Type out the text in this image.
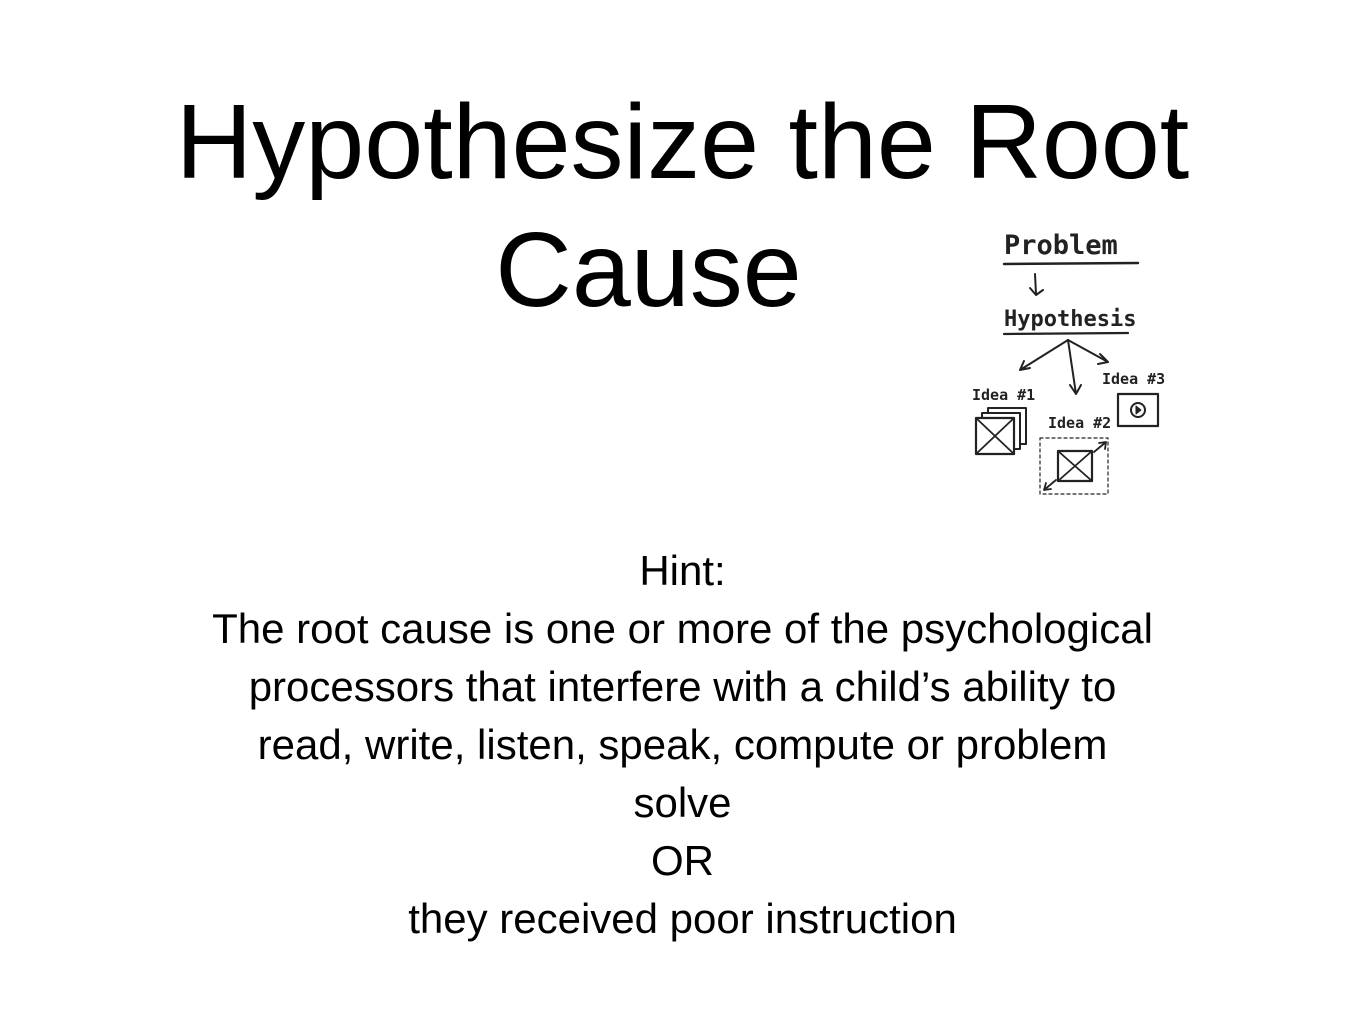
Hypothesize the Root
Cause	Problem
Hypothesis
Idea #1
Idea #2
Idea #3

Hint:

The root cause is one or more of the psychological

processors that interfere with a child’s ability to

read, write, listen, speak, compute or problem

solve

OR

they received poor instruction
